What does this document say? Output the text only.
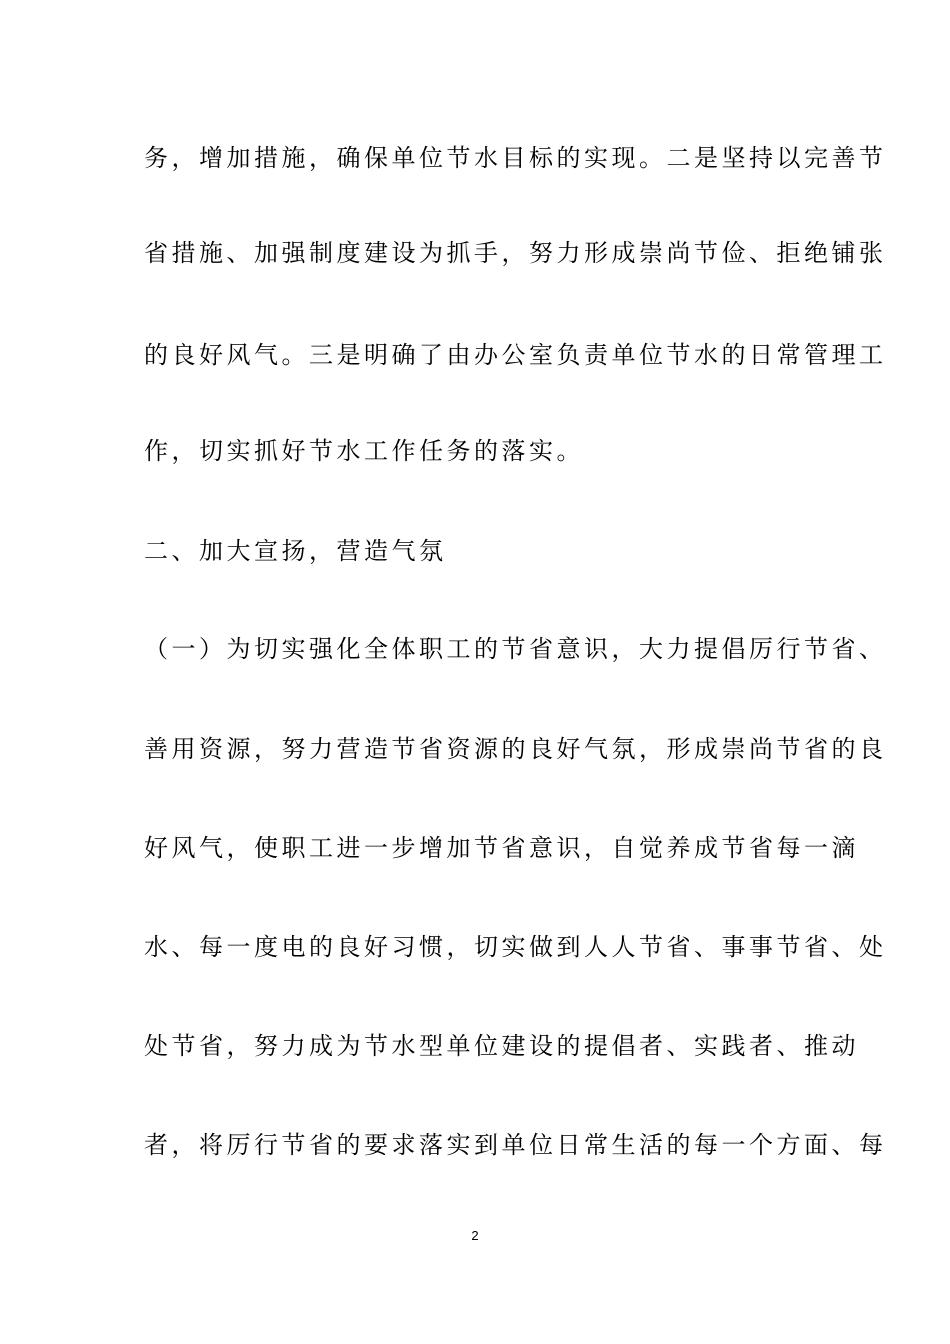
务，增加措施，确保单位节水目标的实现。二是坚持以完善节
省措施、加强制度建设为抓手，努力形成崇尚节俭、拒绝铺张
的良好风气。三是明确了由办公室负责单位节水的日常管理工
作，切实抓好节水工作任务的落实。
二、加大宣扬，营造气氛
（一）为切实强化全体职工的节省意识，大力提倡厉行节省、
善用资源，努力营造节省资源的良好气氛，形成崇尚节省的良
好风气，使职工进一步增加节省意识，自觉养成节省每一滴
水、每一度电的良好习惯，切实做到人人节省、事事节省、处
处节省，努力成为节水型单位建设的提倡者、实践者、推动
者，将厉行节省的要求落实到单位日常生活的每一个方面、每
2
